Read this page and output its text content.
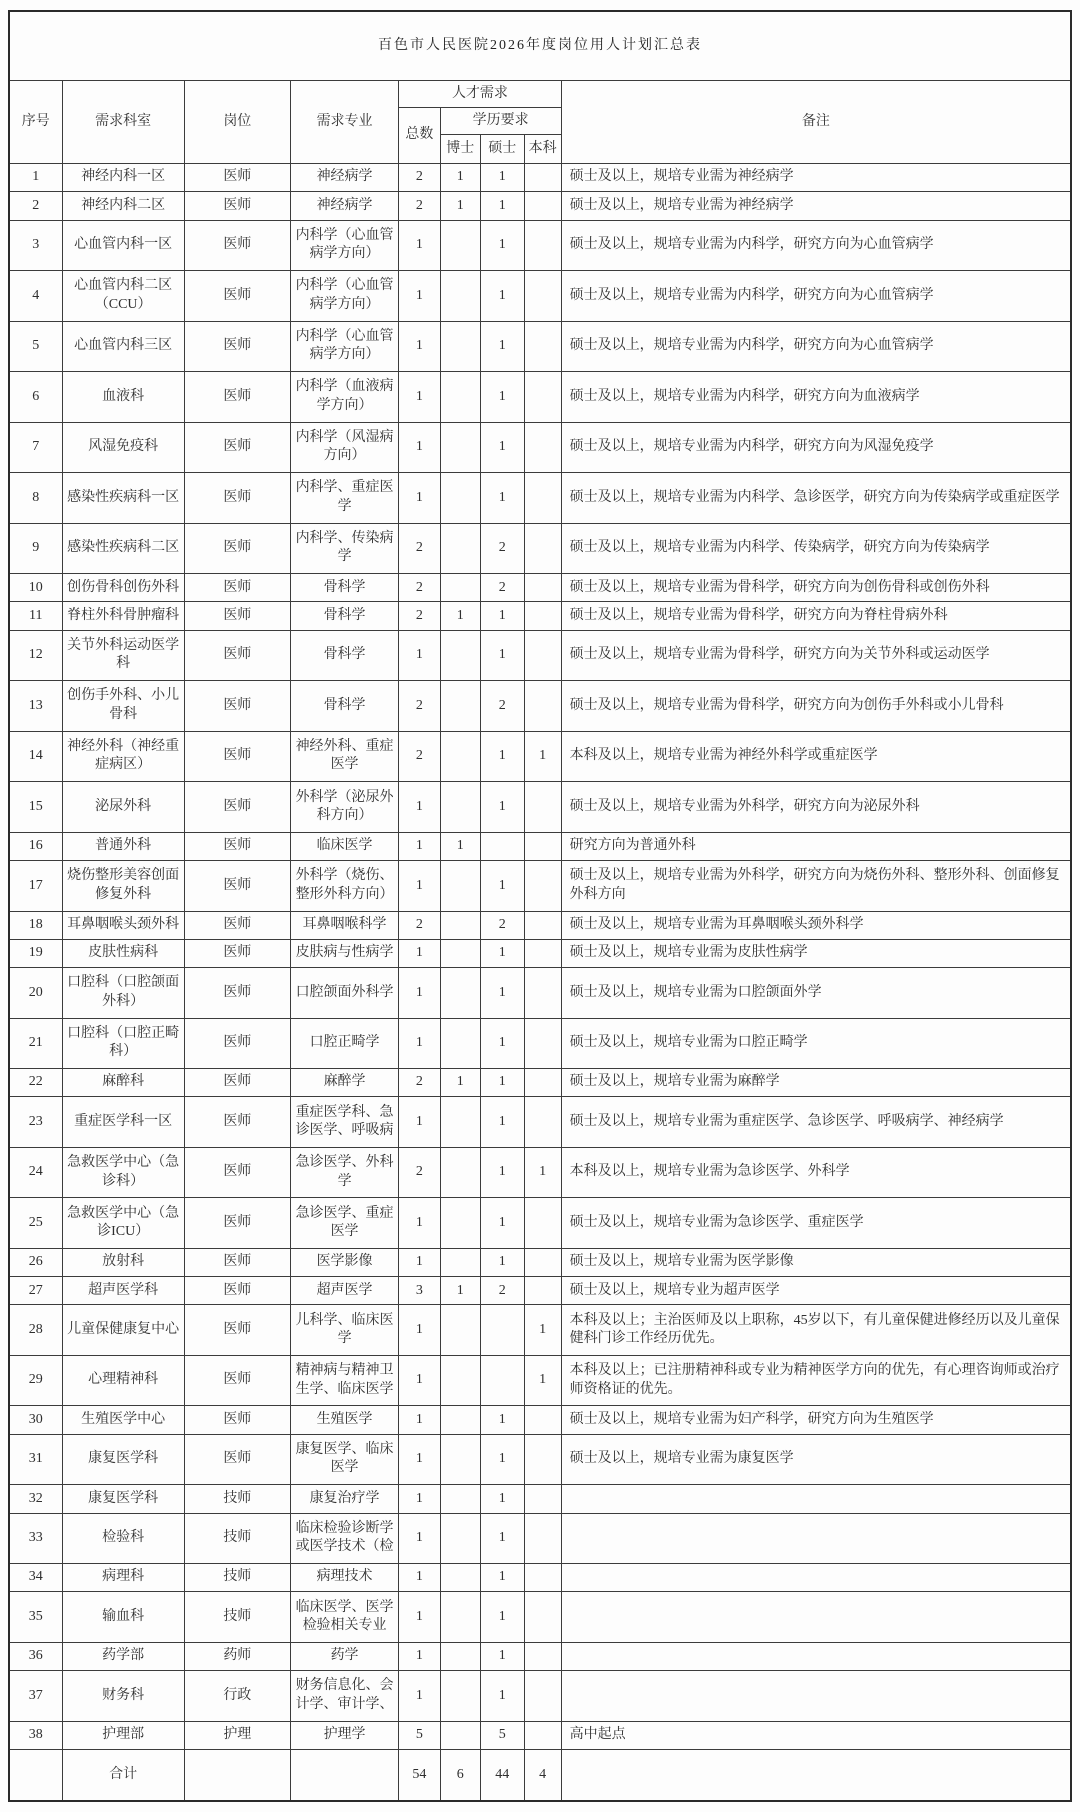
百色市人民医院2026年度岗位用人计划汇总表								
序号	需求科室	岗位	需求专业	人才需求				备注
				总数	学历要求			
					博士	硕士	本科	
1	神经内科一区	医师	神经病学	2	1	1		硕士及以上，规培专业需为神经病学
2	神经内科二区	医师	神经病学	2	1	1		硕士及以上，规培专业需为神经病学
3	心血管内科一区	医师	内科学（心血管病学方向）	1		1		硕士及以上，规培专业需为内科学，研究方向为心血管病学
4	心血管内科二区（CCU）	医师	内科学（心血管病学方向）	1		1		硕士及以上，规培专业需为内科学，研究方向为心血管病学
5	心血管内科三区	医师	内科学（心血管病学方向）	1		1		硕士及以上，规培专业需为内科学，研究方向为心血管病学
6	血液科	医师	内科学（血液病学方向）	1		1		硕士及以上，规培专业需为内科学，研究方向为血液病学
7	风湿免疫科	医师	内科学（风湿病方向）	1		1		硕士及以上，规培专业需为内科学，研究方向为风湿免疫学
8	感染性疾病科一区	医师	内科学、重症医学	1		1		硕士及以上，规培专业需为内科学、急诊医学，研究方向为传染病学或重症医学
9	感染性疾病科二区	医师	内科学、传染病学	2		2		硕士及以上，规培专业需为内科学、传染病学，研究方向为传染病学
10	创伤骨科创伤外科	医师	骨科学	2		2		硕士及以上，规培专业需为骨科学，研究方向为创伤骨科或创伤外科
11	脊柱外科骨肿瘤科	医师	骨科学	2	1	1		硕士及以上，规培专业需为骨科学，研究方向为脊柱骨病外科
12	关节外科运动医学科	医师	骨科学	1		1		硕士及以上，规培专业需为骨科学，研究方向为关节外科或运动医学
13	创伤手外科、小儿骨科	医师	骨科学	2		2		硕士及以上，规培专业需为骨科学，研究方向为创伤手外科或小儿骨科
14	神经外科（神经重症病区）	医师	神经外科、重症医学	2		1	1	本科及以上，规培专业需为神经外科学或重症医学
15	泌尿外科	医师	外科学（泌尿外科方向）	1		1		硕士及以上，规培专业需为外科学，研究方向为泌尿外科
16	普通外科	医师	临床医学	1	1			研究方向为普通外科
17	烧伤整形美容创面修复外科	医师	外科学（烧伤、整形外科方向）	1		1		硕士及以上，规培专业需为外科学，研究方向为烧伤外科、整形外科、创面修复外科方向
18	耳鼻咽喉头颈外科	医师	耳鼻咽喉科学	2		2		硕士及以上，规培专业需为耳鼻咽喉头颈外科学
19	皮肤性病科	医师	皮肤病与性病学	1		1		硕士及以上，规培专业需为皮肤性病学
20	口腔科（口腔颌面外科）	医师	口腔颌面外科学	1		1		硕士及以上，规培专业需为口腔颌面外学
21	口腔科（口腔正畸科）	医师	口腔正畸学	1		1		硕士及以上，规培专业需为口腔正畸学
22	麻醉科	医师	麻醉学	2	1	1		硕士及以上，规培专业需为麻醉学
23	重症医学科一区	医师	重症医学科、急诊医学、呼吸病	1		1		硕士及以上，规培专业需为重症医学、急诊医学、呼吸病学、神经病学
24	急救医学中心（急诊科）	医师	急诊医学、外科学	2		1	1	本科及以上，规培专业需为急诊医学、外科学
25	急救医学中心（急诊ICU）	医师	急诊医学、重症医学	1		1		硕士及以上，规培专业需为急诊医学、重症医学
26	放射科	医师	医学影像	1		1		硕士及以上，规培专业需为医学影像
27	超声医学科	医师	超声医学	3	1	2		硕士及以上，规培专业为超声医学
28	儿童保健康复中心	医师	儿科学、临床医学	1			1	本科及以上；主治医师及以上职称，45岁以下，有儿童保健进修经历以及儿童保健科门诊工作经历优先。
29	心理精神科	医师	精神病与精神卫生学、临床医学	1			1	本科及以上；已注册精神科或专业为精神医学方向的优先，有心理咨询师或治疗师资格证的优先。
30	生殖医学中心	医师	生殖医学	1		1		硕士及以上，规培专业需为妇产科学，研究方向为生殖医学
31	康复医学科	医师	康复医学、临床医学	1		1		硕士及以上，规培专业需为康复医学
32	康复医学科	技师	康复治疗学	1		1		
33	检验科	技师	临床检验诊断学或医学技术（检	1		1		
34	病理科	技师	病理技术	1		1		
35	输血科	技师	临床医学、医学检验相关专业	1		1		
36	药学部	药师	药学	1		1		
37	财务科	行政	财务信息化、会计学、审计学、	1		1		
38	护理部	护理	护理学	5		5		高中起点
	合计			54	6	44	4	
